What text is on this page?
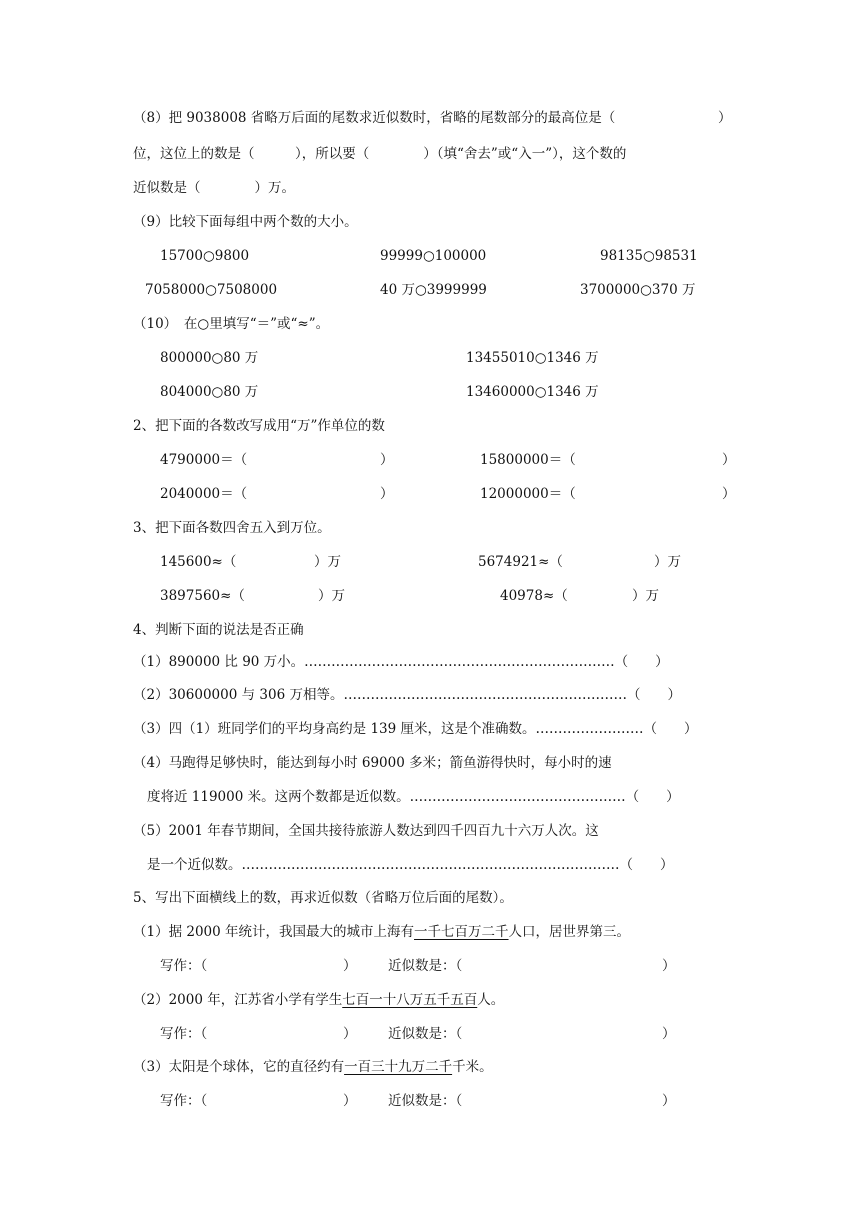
（8）把 9038008 省略万后面的尾数求近似数时，省略的尾数部分的最高位是（	）
位，这位上的数是（　　　），所以要（　　　　）（填“舍去”或“入一”），这个数的
近似数是（　　　　）万。
（9）比较下面每组中两个数的大小。
15700○9800	99999○100000	98135○98531
7058000○7508000	40 万○3999999	3700000○370 万
（10）　在○里填写“＝”或“≈”。
800000○80 万	13455010○1346 万
804000○80 万	13460000○1346 万
2、把下面的各数改写成用“万”作单位的数
4790000＝（	）	15800000＝（	）
2040000＝（	）	12000000＝（	）
3、把下面各数四舍五入到万位。
145600≈（	）万	5674921≈（	）万
3897560≈（	）万	40978≈（	）万
4、判断下面的说法是否正确
（1）890000 比 90 万小。……………………………………………………………（　　）
（2）30600000 与 306 万相等。………………………………………………………（　　）
（3）四（1）班同学们的平均身高约是 139 厘米，这是个准确数。……………………（　　）
（4）马跑得足够快时，能达到每小时 69000 多米；箭鱼游得快时，每小时的速
度将近 119000 米。这两个数都是近似数。…………………………………………（　　）
（5）2001 年春节期间，全国共接待旅游人数达到四千四百九十六万人次。这
是一个近似数。…………………………………………………………………………（　　）
5、写出下面横线上的数，再求近似数（省略万位后面的尾数）。
（1）据 2000 年统计，我国最大的城市上海有一千七百万二千人口，居世界第三。
写作：（	） 近似数是：（	）
（2）2000 年，江苏省小学有学生七百一十八万五千五百人。
写作：（	） 近似数是：（	）
（3）太阳是个球体，它的直径约有一百三十九万二千千米。
写作：（	） 近似数是：（	）
